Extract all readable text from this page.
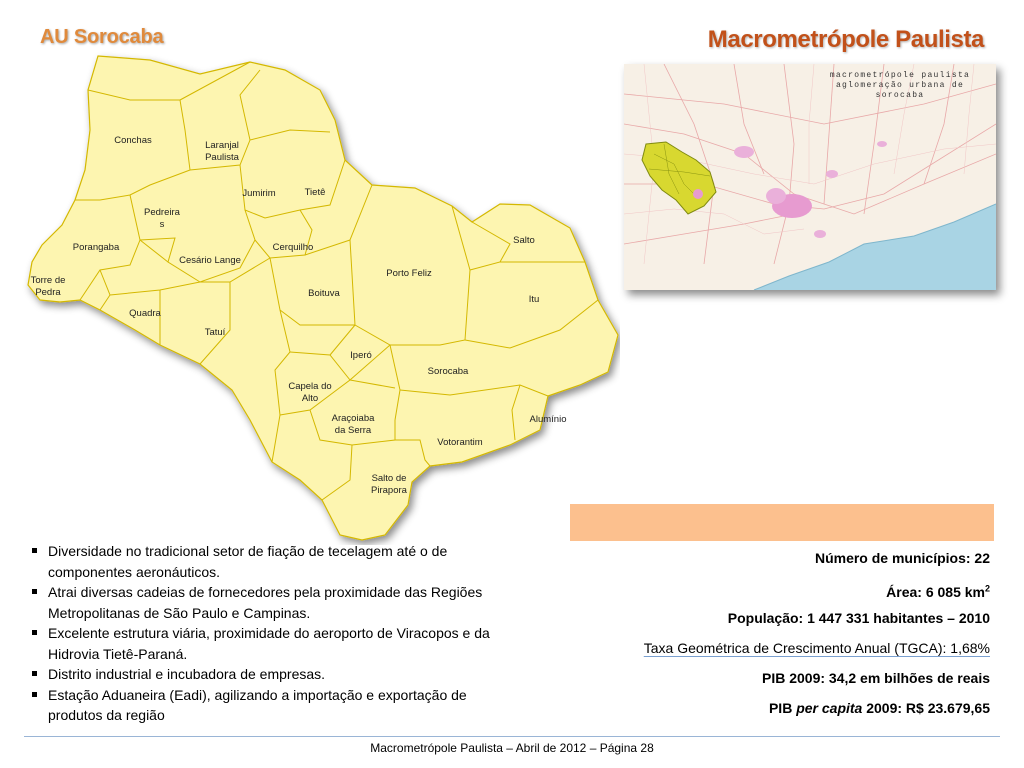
AU Sorocaba	Macrometrópole Paulista
Conchas	Laranjal Paulista
Jumirim	Tietê
Pedreira s
Porangaba
Cesário Lange
Cerquilho
Salto
Porto Feliz
Torre de Pedra	Boituva
Itu
Quadra
Tatuí
Iperó
Sorocaba
Capela do Alto
Araçoiaba da Serra
Alumínio
Votorantim
Salto de Pirapora
macrometrópole paulista
aglomeração urbana de sorocaba
Número de municípios: 22
Área: 6 085 $km^2$
População: 1 447 331 habitantes – 2010
Taxa Geométrica de Crescimento Anual (TGCA): 1,68%
PIB 2009: 34,2 em bilhões de reais
PIB per capita 2009: R$ 23.679,65
Diversidade no tradicional setor de fiação de tecelagem até o de componentes aeronáuticos.
Atrai diversas cadeias de fornecedores pela proximidade das Regiões Metropolitanas de São Paulo e Campinas.
Excelente estrutura viária, proximidade do aeroporto de Viracopos e da Hidrovia Tietê-Paraná.
Distrito industrial e incubadora de empresas.
Estação Aduaneira (Eadi), agilizando a importação e exportação de produtos da região
Macrometrópole Paulista – Abril de 2012 – Página 28
